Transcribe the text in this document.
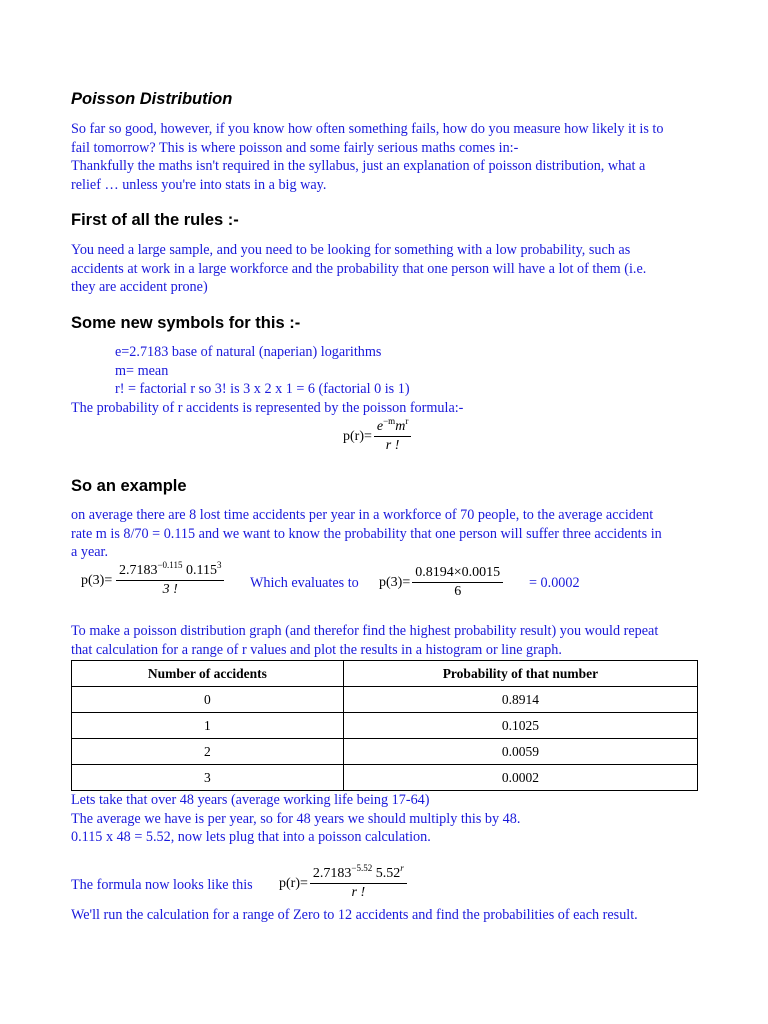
Poisson Distribution

So far so good, however, if you know how often something fails, how do you measure how likely it is to

fail tomorrow? This is where poisson and some fairly serious maths comes in:-

Thankfully the maths isn't required in the syllabus, just an explanation of poisson distribution, what a

relief … unless you're into stats in a big way.

First of all the rules :-

You need a large sample, and you need to be looking for something with a low probability, such as

accidents at work in a large workforce and the probability that one person will have a lot of them (i.e.

they are accident prone)

Some new symbols for this :-

e=2.7183 base of natural (naperian) logarithms

m= mean

r! = factorial r so 3! is 3 x 2 x 1 = 6 (factorial 0 is 1)

The probability of r accidents is represented by the poisson formula:-

$p(r)= \frac{e^{-m}m^r}{r !}$
So an example

on average there are 8 lost time accidents per year in a workforce of 70 people, to the average accident

rate m is 8/70 = 0.115 and we want to know the probability that one person will suffer three accidents in

a year.

$p(3)= \frac{2.7183^{-0.115} 0.115^3}{3 !}$ Which evaluates to $p(3)= \frac{0.8194\times 0.0015}{6} = 0.0002$

To make a poisson distribution graph (and therefor find the highest probability result) you would repeat

that calculation for a range of r values and plot the results in a histogram or line graph.

Number of accidents	Probability of that number
0	0.8914
1	0.1025
2	0.0059
3	0.0002

Lets take that over 48 years (average working life being 17-64)

The average we have is per year, so for 48 years we should multiply this by 48.

0.115 x 48 = 5.52, now lets plug that into a poisson calculation.

The formula now looks like this $p(r)= \frac{2.7183^{-5.52} 5.52^r}{r !}$

We'll run the calculation for a range of Zero to 12 accidents and find the probabilities of each result.
